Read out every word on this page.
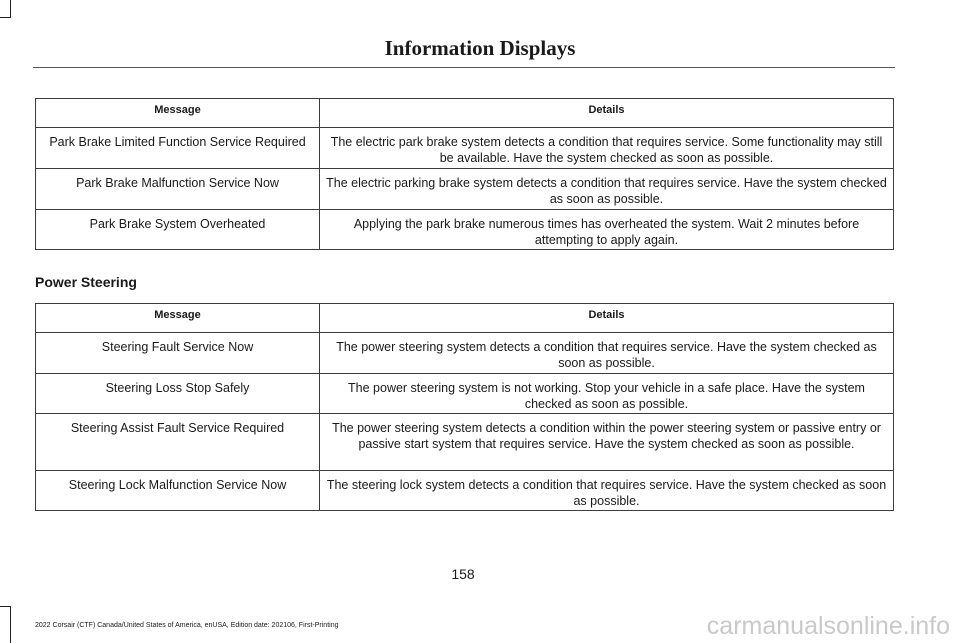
Information Displays
Message	Details
Park Brake Limited Function Service Required	The electric park brake system detects a condition that requires service. Some functionality may still be available. Have the system checked as soon as possible.
Park Brake Malfunction Service Now	The electric parking brake system detects a condition that requires service. Have the system checked as soon as possible.
Park Brake System Overheated	Applying the park brake numerous times has overheated the system. Wait 2 minutes before attempting to apply again.
Power Steering
Message	Details
Steering Fault Service Now	The power steering system detects a condition that requires service. Have the system checked as soon as possible.
Steering Loss Stop Safely	The power steering system is not working. Stop your vehicle in a safe place. Have the system checked as soon as possible.
Steering Assist Fault Service Required	The power steering system detects a condition within the power steering system or passive entry or passive start system that requires service. Have the system checked as soon as possible.
Steering Lock Malfunction Service Now	The steering lock system detects a condition that requires service. Have the system checked as soon as possible.
158
2022 Corsair (CTF) Canada/United States of America, enUSA, Edition date: 202106, First-Printing	carmanualsonline.info
